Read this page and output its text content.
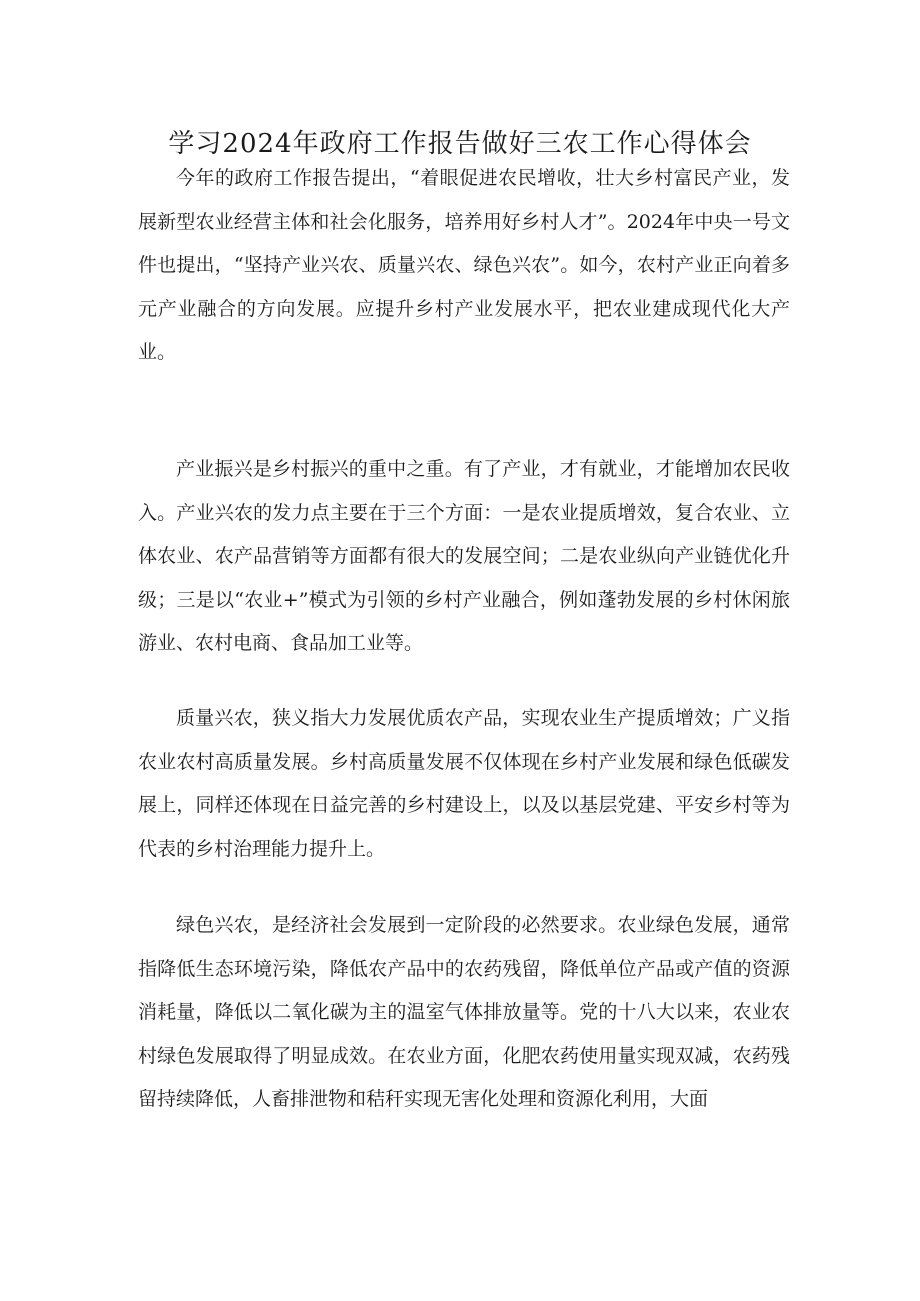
学习2024年政府工作报告做好三农工作心得体会

今年的政府工作报告提出，“着眼促进农民增收，壮大乡村富民产业，发展新型农业经营主体和社会化服务，培养用好乡村人才”。2024年中央一号文件也提出，“坚持产业兴农、质量兴农、绿色兴农”。如今，农村产业正向着多元产业融合的方向发展。应提升乡村产业发展水平，把农业建成现代化大产业。

产业振兴是乡村振兴的重中之重。有了产业，才有就业，才能增加农民收入。产业兴农的发力点主要在于三个方面：一是农业提质增效，复合农业、立体农业、农产品营销等方面都有很大的发展空间；二是农业纵向产业链优化升级；三是以“农业+”模式为引领的乡村产业融合，例如蓬勃发展的乡村休闲旅游业、农村电商、食品加工业等。

质量兴农，狭义指大力发展优质农产品，实现农业生产提质增效；广义指农业农村高质量发展。乡村高质量发展不仅体现在乡村产业发展和绿色低碳发展上，同样还体现在日益完善的乡村建设上，以及以基层党建、平安乡村等为代表的乡村治理能力提升上。

绿色兴农，是经济社会发展到一定阶段的必然要求。农业绿色发展，通常指降低生态环境污染，降低农产品中的农药残留，降低单位产品或产值的资源消耗量，降低以二氧化碳为主的温室气体排放量等。党的十八大以来，农业农村绿色发展取得了明显成效。在农业方面，化肥农药使用量实现双减，农药残留持续降低，人畜排泄物和秸秆实现无害化处理和资源化利用，大面
